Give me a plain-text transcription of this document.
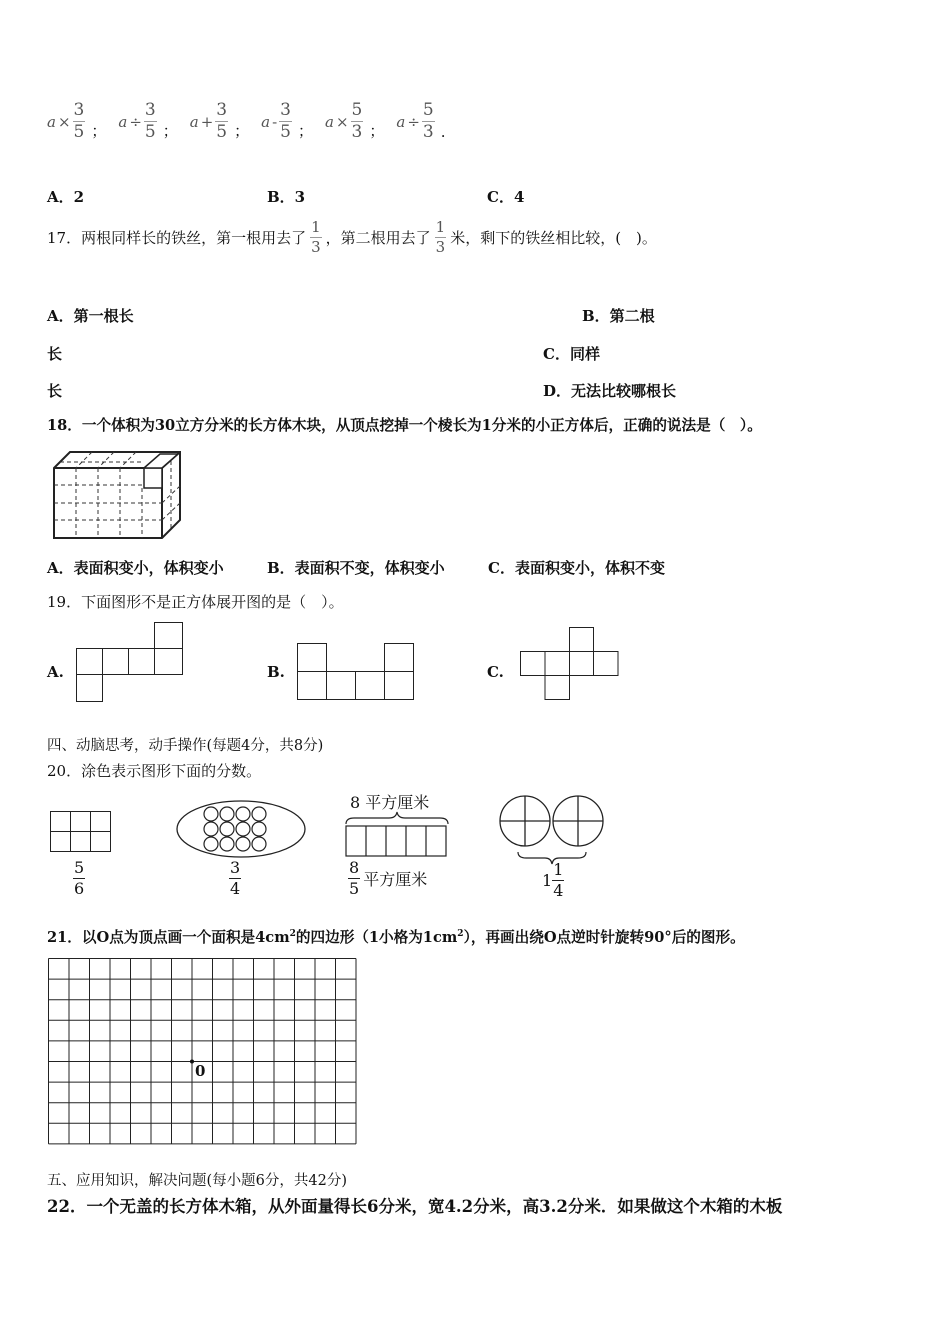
$a \times \frac{3}{5}$ ；$a \div \frac{3}{5}$ ；$a + \frac{3}{5}$ ；a - $\frac{3}{5}$ ；$a \times \frac{5}{3}$ ；$a \div \frac{5}{3}$ .
A．2	B．3	C．4
17．两根同样长的铁丝，第一根用去了 $\frac{1}{3}$ ，第二根用去了 $\frac{1}{3}$ 米，剩下的铁丝相比较，(　)。
A．第一根长	B．第二根
长	C．同样
长	D．无法比较哪根长
18．一个体积为30立方分米的长方体木块，从顶点挖掉一个棱长为1分米的小正方体后，正确的说法是（　）。
A．表面积变小，体积变小	B．表面积不变，体积变小	C．表面积变小，体积不变
19．下面图形不是正方体展开图的是（　）。
A.	B.	C.
四、动脑思考，动手操作(每题4分，共8分)
20．涂色表示图形下面的分数。
$\frac{5}{6}$	$\frac{3}{4}$
8 平方厘米
$\frac{8}{5}$ 平方厘米	$1 \frac{1}{4}$
21．以O点为顶点画一个面积是$4cm^2$的四边形（1小格为$1cm^2$），再画出绕O点逆时针旋转90°后的图形。
0
五、应用知识，解决问题(每小题6分，共42分)
22．一个无盖的长方体木箱，从外面量得长6分米，宽4.2分米，高3.2分米．如果做这个木箱的木板
